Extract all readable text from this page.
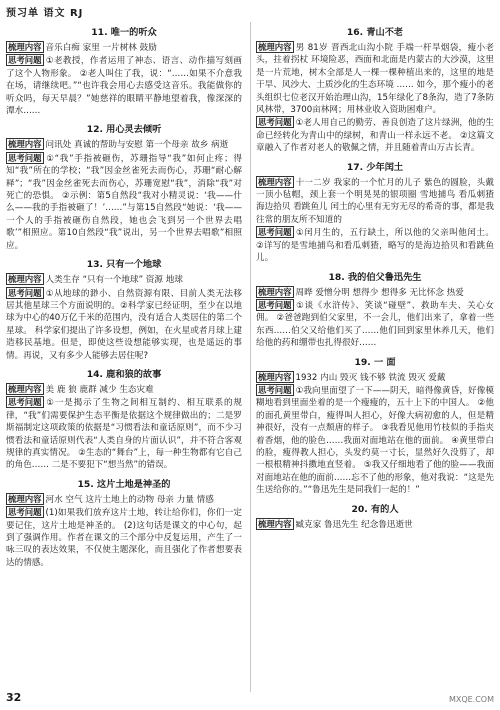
预习单 语文 RJ
11. 唯一的听众
梳理内容 音乐白痴 家里 一片树林 鼓励
思考问题 ①老教授，作者运用了神态、语言、动作描写刻画了这个人物形象。 ②老人叫住了我，说：“……如果不介意我在场，请继续吧。”“也许我会用心去感受这音乐。我能做你的听众吗，每天早晨？”她慈祥的眼睛平静地望着我，像深深的潭水……
12. 用心灵去倾听
梳理内容 问讯处 真诚的帮助与安慰 第一个母亲 故乡 病逝
思考问题 ①“我”手指被砸伤，苏珊指导“我”如何止疼；得知“我”所在的学校；“我”因金丝雀死去而伤心，苏珊“耐心解释”；“我”因金丝雀死去而伤心，苏珊宽慰“我”，消除“我”对死亡的恐惧。 ②示例：第5自然段“我对小精灵说：‘我——什么——我的手指被砸了！’……”与第15自然段“她说：‘我——一个人的手指被砸伤自然段，她也会飞到另一个世界去唱歌’”相照应。第10自然段“我”说出，另一个世界去唱歌”相照应。
13. 只有一个地球
梳理内容 人类生存 “只有一个地球” 资源 地球
思考问题 ①从地球的渺小、自然资源有限、目前人类无法移居其他星球三个方面说明的。②科学家已经证明，至少在以地球为中心的40万亿千米的范围内，没有适合人类居住的第二个星球。 科学家们提出了许多设想，例如，在火星或者月球上建造移民基地。但是，即使这些设想能够实现，也是遥远的事情。再说，又有多少人能够去居住呢?
14. 鹿和狼的故事
梳理内容 美 鹿 狼 鹿群 减少 生态灾难
思考问题 ①一是揭示了生物之间相互制约、相互联系的规律，“我”们需要保护生态平衡是依据这个规律做出的；二是罗斯福制定这项政策的依据是“习惯看法和童话原则”，而不少习惯看法和童话原则代表“人类自身的片面认识”，并不符合客观规律的真实情况。 ②生态的“舞台”上，每一种生物都有它自己的角色…… 二是不要犯下“想当然”的错误。
15. 这片土地是神圣的
梳理内容 河水 空气 这片土地上的动物 母亲 力量 情感
思考问题 (1)如果我们放弃这片土地，转让给你们，你们一定要记住，这片土地是神圣的。 (2)这句话是课文的中心句，起到了强调作用。作者在课文的三个部分中反复运用，产生了一咏三叹的表达效果，不仅使主题深化，而且强化了作者想要表达的情感。
16. 青山不老
梳理内容 男 81岁 晋西北山沟小院 手端一杆旱烟袋，瘦小老头，拄着拐杖 环境险恶，西面和北面是内蒙古的大沙漠，这里是一片荒地，树木全部是人一棵一棵种植出来的，这里的地是干旱、风沙大、土质沙化的生态环境 …… 如今，那个瘦小的老头组织七位老汉开始治理山沟，15年绿化了8条沟，造了7条防风林带，3700亩林网；用林业收入资助困难户。
思考问题 ①老人用自己的勤劳、善良创造了这片绿洲，他的生命已经转化为青山中的绿树，和青山一样永远不老。 ②这篇文章融入了作者对老人的敬佩之情，并且随着青山万古长青。
17. 少年闰土
梳理内容 十一二岁 我家的一个忙月的儿子 紫色的圆脸，头戴一顶小毡帽，颈上套一个明晃晃的银项圈 雪地捕鸟 看瓜刺猹 海边拾贝 看跳鱼儿 闰土的心里有无穷无尽的希奇的事，都是我往常的朋友所不知道的
思考问题 ①闰月生的，五行缺土，所以他的父亲叫他闰土。 ②详写的是雪地捕鸟和看瓜刺猹，略写的是海边拾贝和看跳鱼儿。
18. 我的伯父鲁迅先生
梳理内容 周晔 爱憎分明 想得少 想得多 无比怀念 热爱
思考问题 ①谈《水浒传》、笑谈“碰壁”、救助车夫、关心女佣。 ②爸爸跑到伯父家里，不一会儿，他们出来了，拿着一些东西……伯父又给他们买了……他们回到家里休养几天，他们给他的药和绷带也扎得很好……
19. 一 面
梳理内容 1932 内山 毁灭 钱不够 铁流 毁灭 爱戴
思考问题 ①我向里面望了一下——阴天，暗得像黄昏，好像模糊地看到里面坐着的是一个瘦瘦的，五十上下的中国人。 ②他的面孔黄里带白，瘦得叫人担心，好像大病初愈的人，但是精神很好，没有一点颓唐的样子。 ③我看见他用竹枝似的手指夹着香烟，他的脸色……我面对面地站在他的面前。 ④黄里带白的脸，瘦得教人担心，头发约莫一寸长，显然好久没剪了，却一根根精神抖擞地直竖着。 ⑤我又仔细地看了他的脸——我面对面地站在他的面前……忘不了他的形象，他对我说：“这是先生送给你的。”“鲁迅先生是同我们一起的！”
20. 有的人
梳理内容 臧克家 鲁迅先生 纪念鲁迅逝世
32	MXQE.COM
